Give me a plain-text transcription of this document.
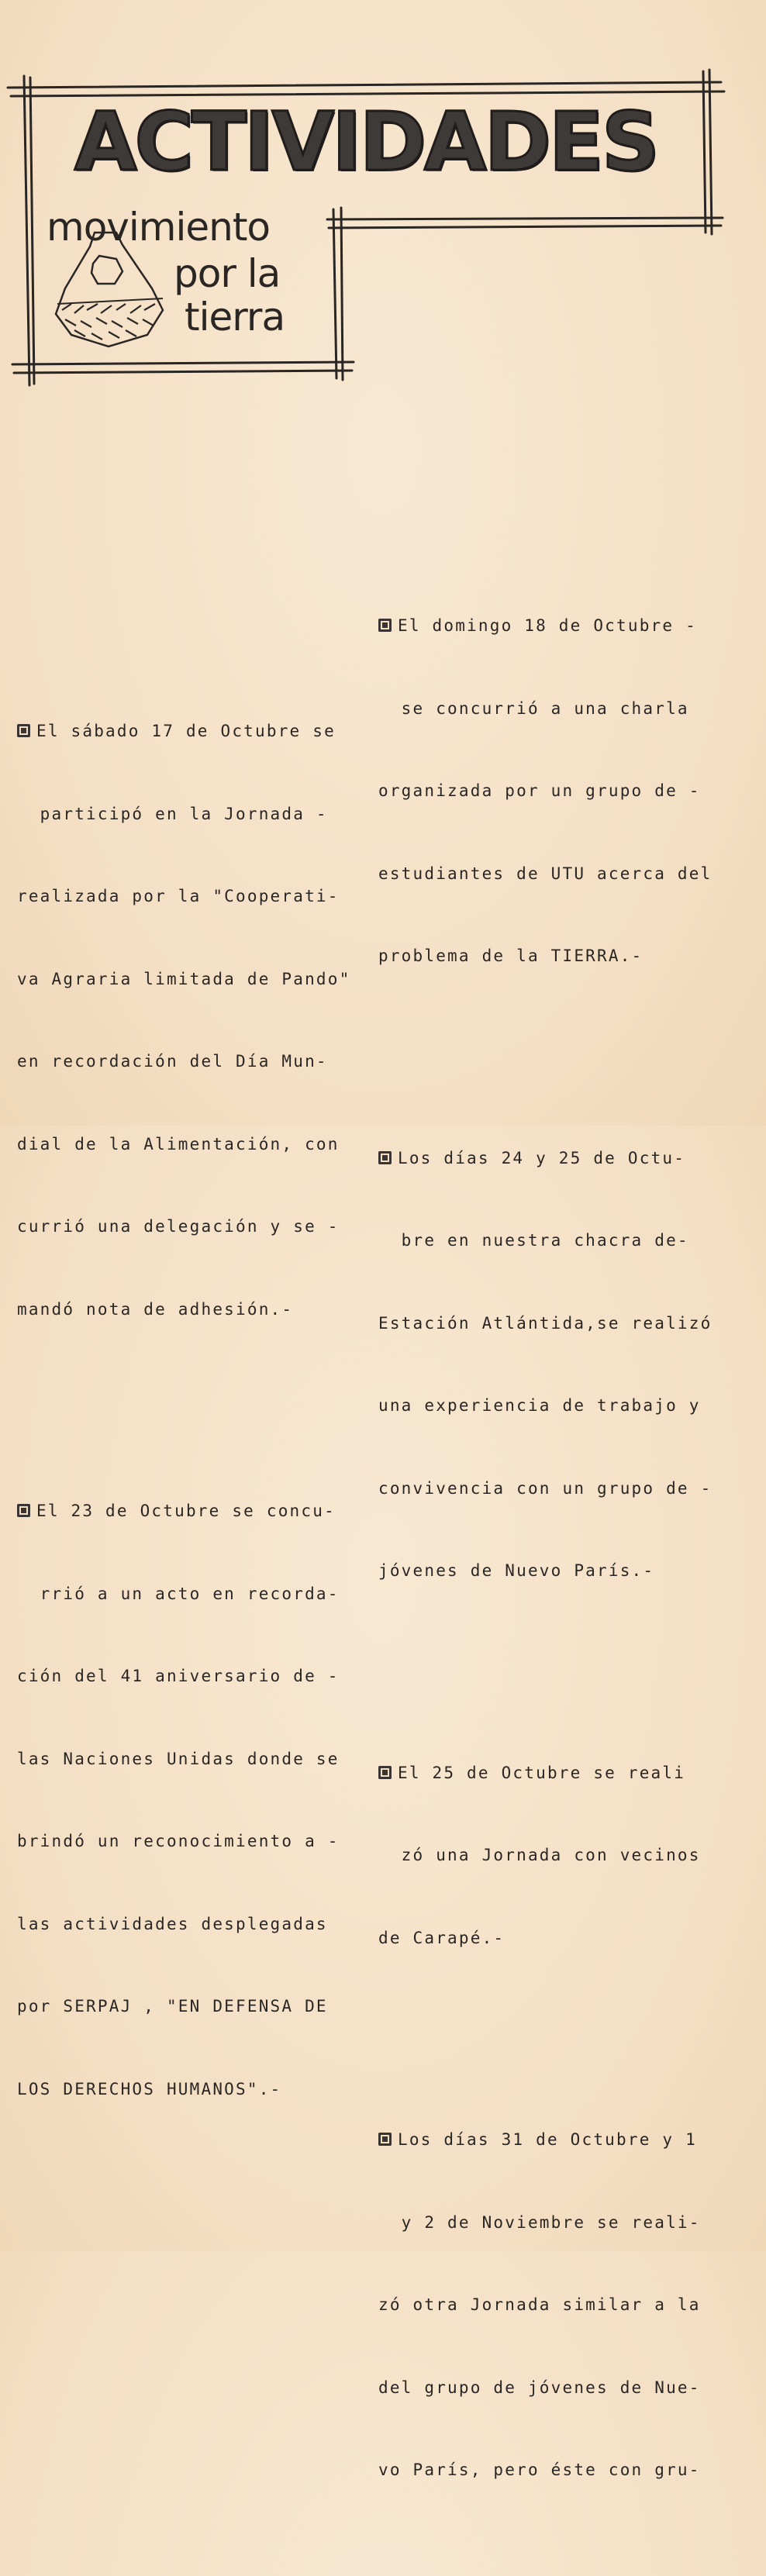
ACTIVIDADES
movimiento
por la
tierra

El sábado 17 de Octubre se

participó en la Jornada -

realizada por la "Cooperati-

va Agraria limitada de Pando"

en recordación del Día Mun-

dial de la Alimentación, con

currió una delegación y se -

mandó nota de adhesión.-

El 23 de Octubre se concu-

rrió a un acto en recorda-

ción del 41 aniversario de -

las Naciones Unidas donde se

brindó un reconocimiento a -

las actividades desplegadas

por SERPAJ , "EN DEFENSA DE

LOS DERECHOS HUMANOS".-

El domingo 18 de Octubre -

se concurrió a una charla

organizada por un grupo de -

estudiantes de UTU acerca del

problema de la TIERRA.-

Los días 24 y 25 de Octu-

bre en nuestra chacra de-

Estación Atlántida,se realizó

una experiencia de trabajo y

convivencia con un grupo de -

jóvenes de Nuevo París.-

El 25 de Octubre se reali

zó una Jornada con vecinos

de Carapé.-

Los días 31 de Octubre y 1

y 2 de Noviembre se reali-

zó otra Jornada similar a la

del grupo de jóvenes de Nue-

vo París, pero éste con gru-
